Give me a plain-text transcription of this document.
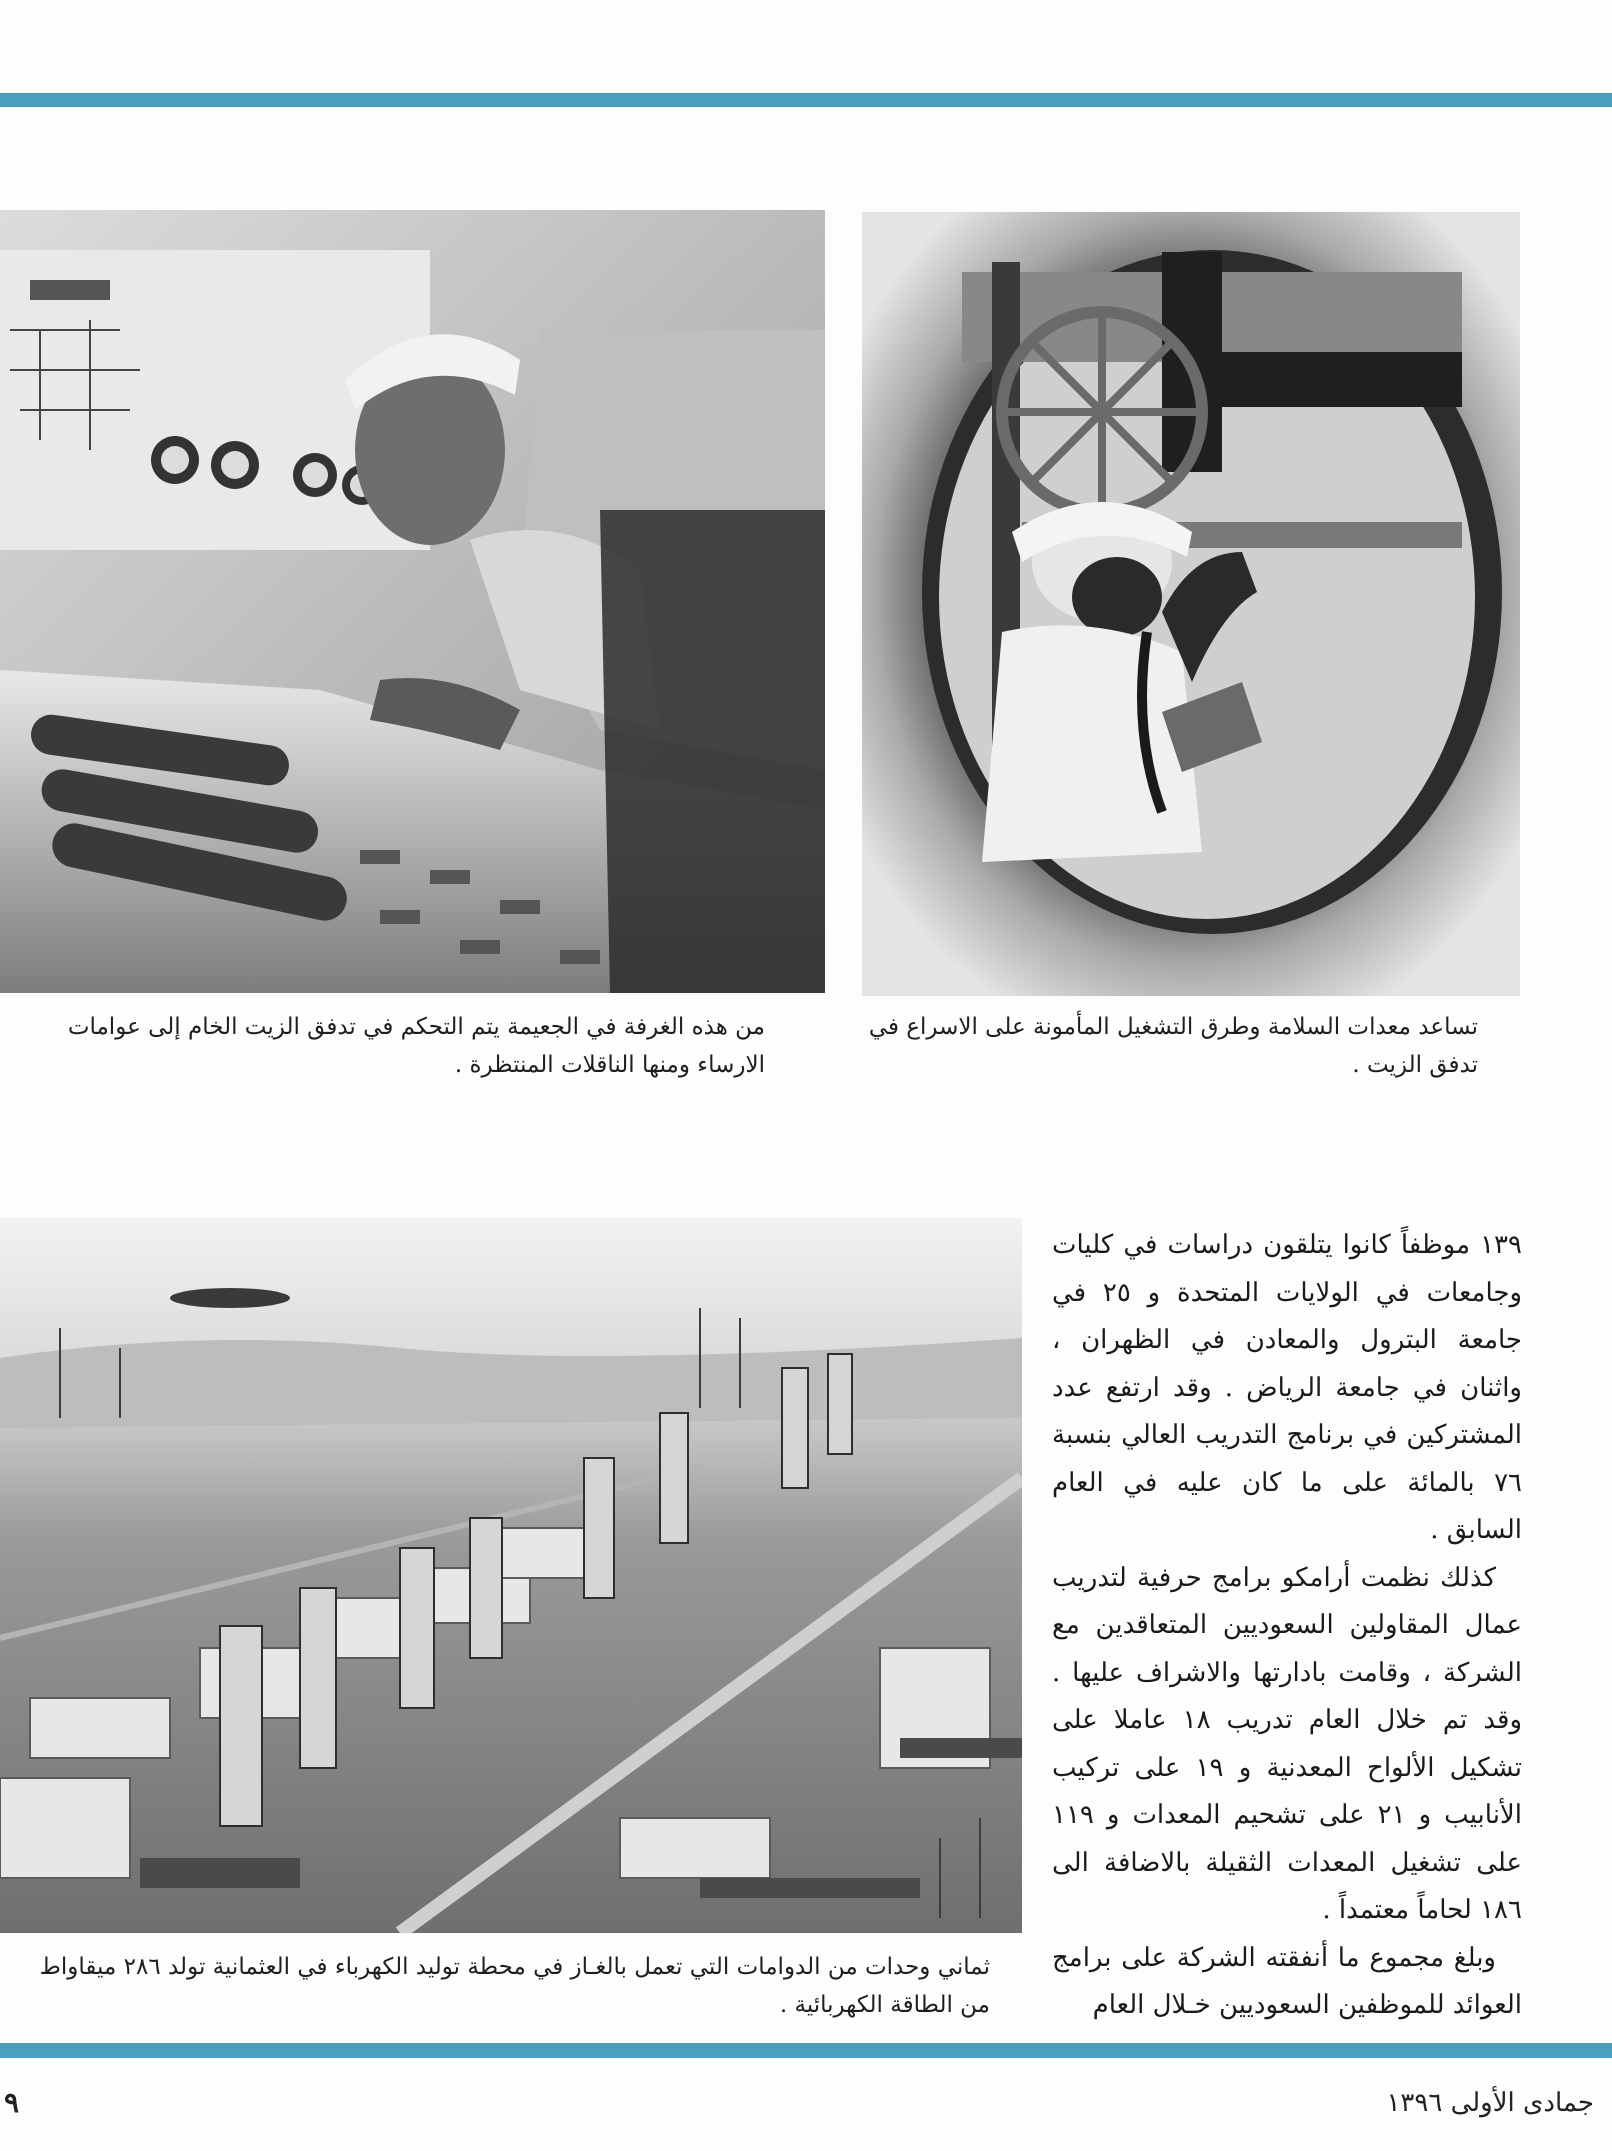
من هذه الغرفة في الجعيمة يتم التحكم في تدفق الزيت الخام إلى عوامات الارساء ومنها الناقلات المنتظرة .
تساعد معدات السلامة وطرق التشغيل المأمونة على الاسراع في تدفق الزيت .
ثماني وحدات من الدوامات التي تعمل بالغـاز في محطة توليد الكهرباء في العثمانية تولد ٢٨٦ ميقاواط من الطاقة الكهربائية .

١٣٩ موظفاً كانوا يتلقون دراسات في كليات وجامعات في الولايات المتحدة و ٢٥ في جامعة البترول والمعادن في الظهران ، واثنان في جامعة الرياض . وقد ارتفع عدد المشتركين في برنامج التدريب العالي بنسبة ٧٦ بالمائة على ما كان عليه في العام السابق .

كذلك نظمت أرامكو برامج حرفية لتدريب عمال المقاولين السعوديين المتعاقدين مع الشركة ، وقامت بادارتها والاشراف عليها . وقد تم خلال العام تدريب ١٨ عاملا على تشكيل الألواح المعدنية و ١٩ على تركيب الأنابيب و ٢١ على تشحيم المعدات و ١١٩ على تشغيل المعدات الثقيلة بالاضافة الى ١٨٦ لحاماً معتمداً .

وبلغ مجموع ما أنفقته الشركة على برامج العوائد للموظفين السعوديين خـلال العام

٩	جمادى الأولى ١٣٩٦
